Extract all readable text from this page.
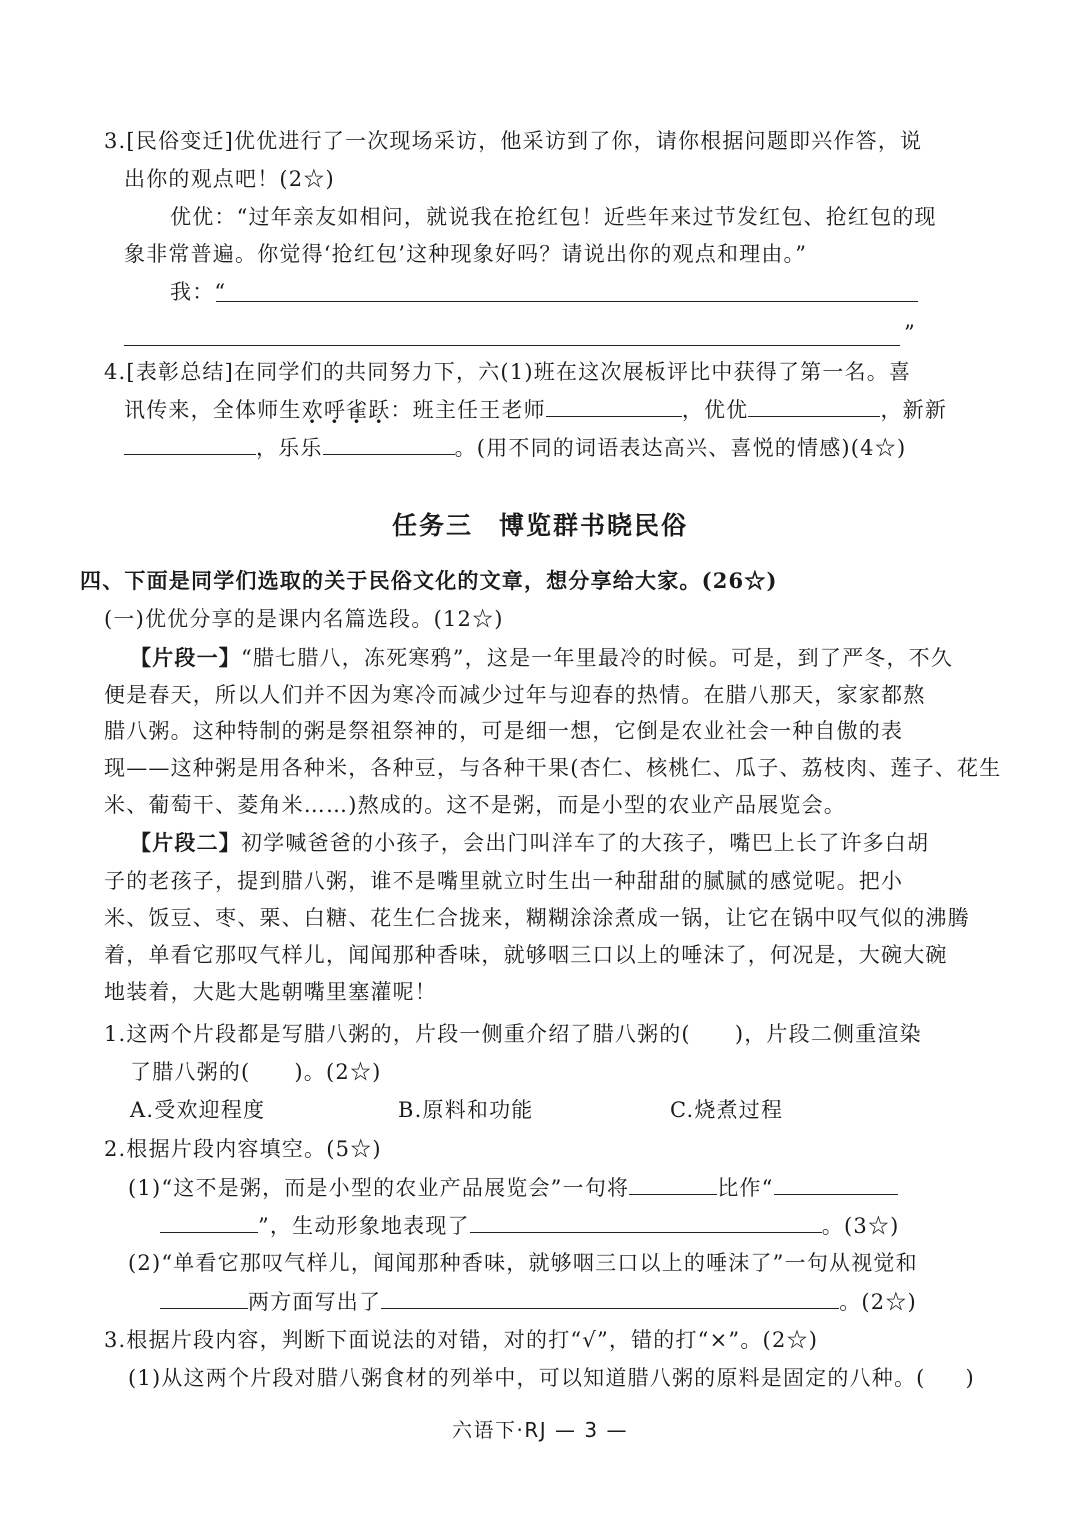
3.[民俗变迁]优优进行了一次现场采访，他采访到了你，请你根据问题即兴作答，说
出你的观点吧！(2☆)
优优：“过年亲友如相问，就说我在抢红包！近些年来过节发红包、抢红包的现
象非常普遍。你觉得‘抢红包’这种现象好吗？请说出你的观点和理由。”
我：“
”
4.[表彰总结]在同学们的共同努力下，六(1)班在这次展板评比中获得了第一名。喜
讯传来，全体师生欢呼雀跃：班主任王老师	，优优	，新新
，乐乐	。(用不同的词语表达高兴、喜悦的情感)(4☆)
任务三 博览群书晓民俗
四、下面是同学们选取的关于民俗文化的文章，想分享给大家。(26☆)
(一)优优分享的是课内名篇选段。(12☆)
【片段一】“腊七腊八，冻死寒鸦”，这是一年里最冷的时候。可是，到了严冬，不久
便是春天，所以人们并不因为寒冷而减少过年与迎春的热情。在腊八那天，家家都熬
腊八粥。这种特制的粥是祭祖祭神的，可是细一想，它倒是农业社会一种自傲的表
现——这种粥是用各种米，各种豆，与各种干果(杏仁、核桃仁、瓜子、荔枝肉、莲子、花生
米、葡萄干、菱角米……)熬成的。这不是粥，而是小型的农业产品展览会。
【片段二】初学喊爸爸的小孩子，会出门叫洋车了的大孩子，嘴巴上长了许多白胡
子的老孩子，提到腊八粥，谁不是嘴里就立时生出一种甜甜的腻腻的感觉呢。把小
米、饭豆、枣、栗、白糖、花生仁合拢来，糊糊涂涂煮成一锅，让它在锅中叹气似的沸腾
着，单看它那叹气样儿，闻闻那种香味，就够咽三口以上的唾沫了，何况是，大碗大碗
地装着，大匙大匙朝嘴里塞灌呢！
1.这两个片段都是写腊八粥的，片段一侧重介绍了腊八粥的( )，片段二侧重渲染
了腊八粥的( )。(2☆)
A.受欢迎程度	B.原料和功能	C.烧煮过程
2.根据片段内容填空。(5☆)
(1)“这不是粥，而是小型的农业产品展览会”一句将	比作“
”，生动形象地表现了	。(3☆)
(2)“单看它那叹气样儿，闻闻那种香味，就够咽三口以上的唾沫了”一句从视觉和
两方面写出了	。(2☆)
3.根据片段内容，判断下面说法的对错，对的打“√”，错的打“×”。(2☆)
(1)从这两个片段对腊八粥食材的列举中，可以知道腊八粥的原料是固定的八种。( )
六语下·RJ — 3 —
